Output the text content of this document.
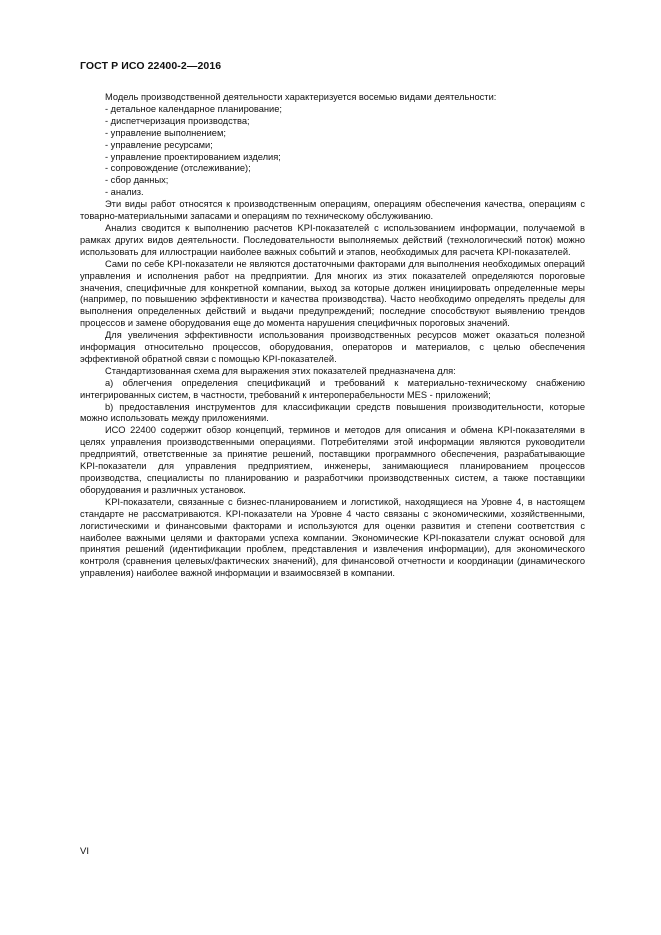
ГОСТ Р ИСО 22400-2—2016

Модель производственной деятельности характеризуется восемью видами деятельности:

- детальное календарное планирование;
- диспетчеризация производства;
- управление выполнением;
- управление ресурсами;
- управление проектированием изделия;
- сопровождение (отслеживание);
- сбор данных;
- анализ.

Эти виды работ относятся к производственным операциям, операциям обеспечения качества, операциям с товарно-материальными запасами и операциям по техническому обслуживанию.

Анализ сводится к выполнению расчетов KPI-показателей с использованием информации, получаемой в рамках других видов деятельности. Последовательности выполняемых действий (технологический поток) можно использовать для иллюстрации наиболее важных событий и этапов, необходимых для расчета KPI-показателей.

Сами по себе KPI-показатели не являются достаточными факторами для выполнения необходимых операций управления и исполнения работ на предприятии. Для многих из этих показателей определяются пороговые значения, специфичные для конкретной компании, выход за которые должен инициировать определенные меры (например, по повышению эффективности и качества производства). Часто необходимо определять пределы для выполнения определенных действий и выдачи предупреждений; последние способствуют выявлению трендов процессов и замене оборудования еще до момента нарушения специфичных пороговых значений.

Для увеличения эффективности использования производственных ресурсов может оказаться полезной информация относительно процессов, оборудования, операторов и материалов, с целью обеспечения эффективной обратной связи с помощью KPI-показателей.

Стандартизованная схема для выражения этих показателей предназначена для:

а) облегчения определения спецификаций и требований к материально-техническому снабжению интегрированных систем, в частности, требований к интероперабельности MES - приложений;

b) предоставления инструментов для классификации средств повышения производительности, которые можно использовать между приложениями.

ИСО 22400 содержит обзор концепций, терминов и методов для описания и обмена KPI-показателями в целях управления производственными операциями. Потребителями этой информации являются руководители предприятий, ответственные за принятие решений, поставщики программного обеспечения, разрабатывающие KPI-показатели для управления предприятием, инженеры, занимающиеся планированием процессов производства, специалисты по планированию и разработчики производственных систем, а также поставщики оборудования и различных установок.

KPI-показатели, связанные с бизнес-планированием и логистикой, находящиеся на Уровне 4, в настоящем стандарте не рассматриваются. KPI-показатели на Уровне 4 часто связаны с экономическими, хозяйственными, логистическими и финансовыми факторами и используются для оценки развития и степени соответствия с наиболее важными целями и факторами успеха компании. Экономические KPI-показатели служат основой для принятия решений (идентификации проблем, представления и извлечения информации), для экономического контроля (сравнения целевых/фактических значений), для финансовой отчетности и координации (динамического управления) наиболее важной информации и взаимосвязей в компании.

VI
